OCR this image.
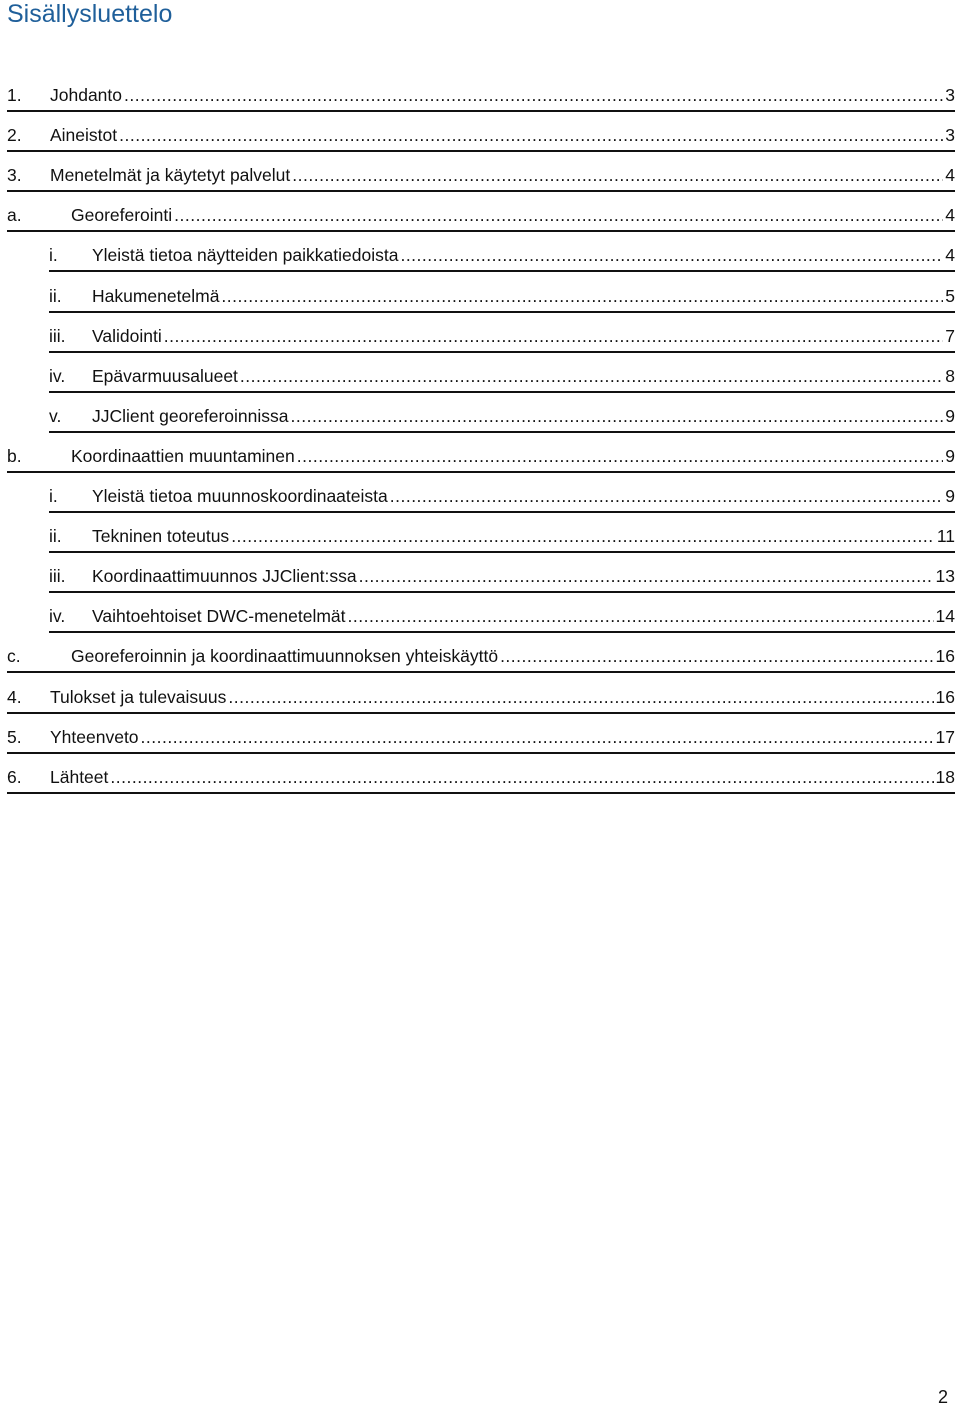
Sisällysluettelo
1.	Johdanto .....	3
2.	Aineistot .....	3
3.	Menetelmät ja käytetyt palvelut .....	4
a.	Georeferointi .....	4
i.	Yleistä tietoa näytteiden paikkatiedoista .....	4
ii.	Hakumenetelmä .....	5
iii.	Validointi .....	7
iv.	Epävarmuusalueet .....	8
v.	JJClient georeferoinnissa .....	9
b.	Koordinaattien muuntaminen .....	9
i.	Yleistä tietoa muunnoskoordinaateista .....	9
ii.	Tekninen toteutus .....	11
iii.	Koordinaattimuunnos JJClient:ssa .....	13
iv.	Vaihtoehtoiset DWC-menetelmät .....	14
c.	Georeferoinnin ja koordinaattimuunnoksen yhteiskäyttö .....	16
4.	Tulokset ja tulevaisuus .....	16
5.	Yhteenveto .....	17
6.	Lähteet .....	18
2
